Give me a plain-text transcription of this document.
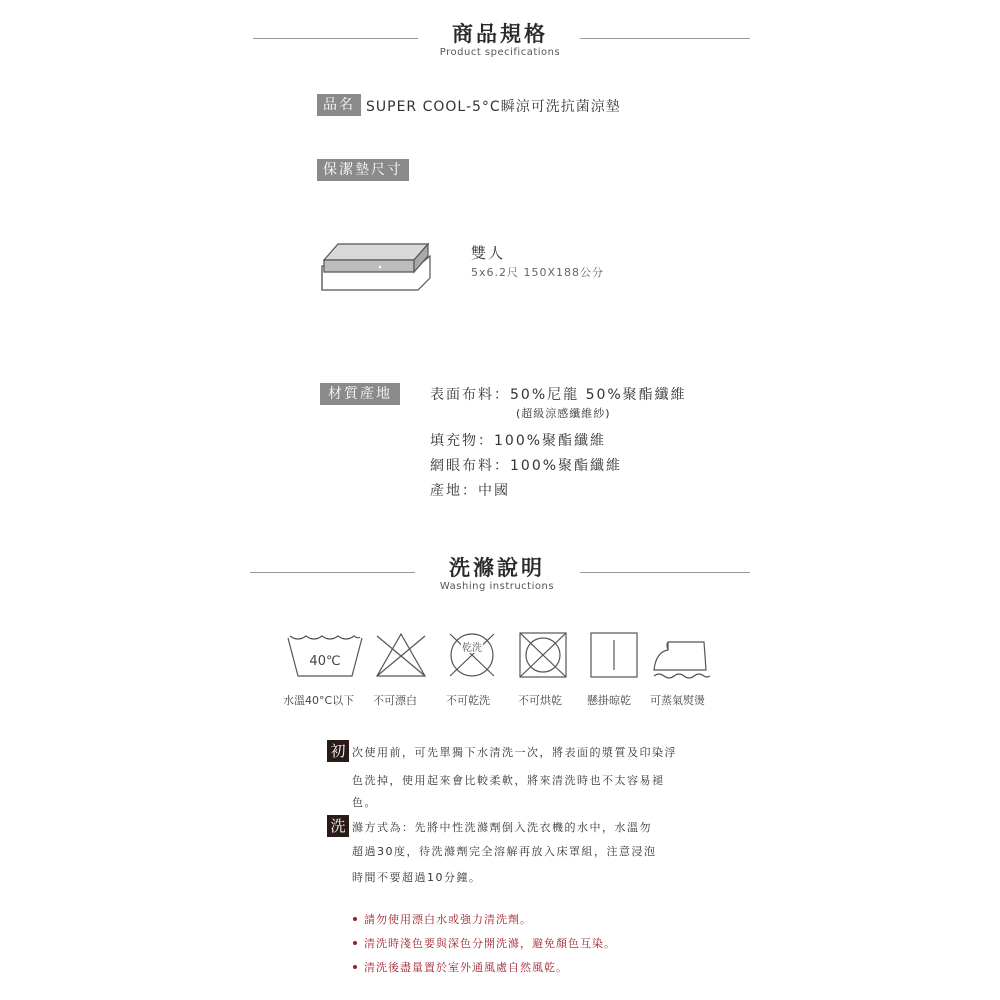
商品規格
Product specifications
品名 SUPER COOL-5°C瞬涼可洗抗菌涼墊
保潔墊尺寸
雙人
5x6.2尺 150X188公分
材質產地	表面布料：50%尼龍 50%聚酯纖維
(超級涼感纖維紗)
填充物：100%聚酯纖維
網眼布料：100%聚酯纖維
產地：中國
洗滌說明
Washing instructions
40℃
乾洗
水溫40°C以下 不可漂白	不可乾洗	不可烘乾 懸掛晾乾 可蒸氣熨燙
初 次使用前，可先單獨下水清洗一次，將表面的漿質及印染浮
色洗掉，使用起來會比較柔軟，將來清洗時也不太容易褪
色。
洗 滌方式為：先將中性洗滌劑倒入洗衣機的水中，水溫勿
超過30度，待洗滌劑完全溶解再放入床罩組，注意浸泡
時間不要超過10分鐘。
請勿使用漂白水或強力清洗劑。
清洗時淺色要與深色分開洗滌，避免顏色互染。
清洗後盡量置於室外通風處自然風乾。
